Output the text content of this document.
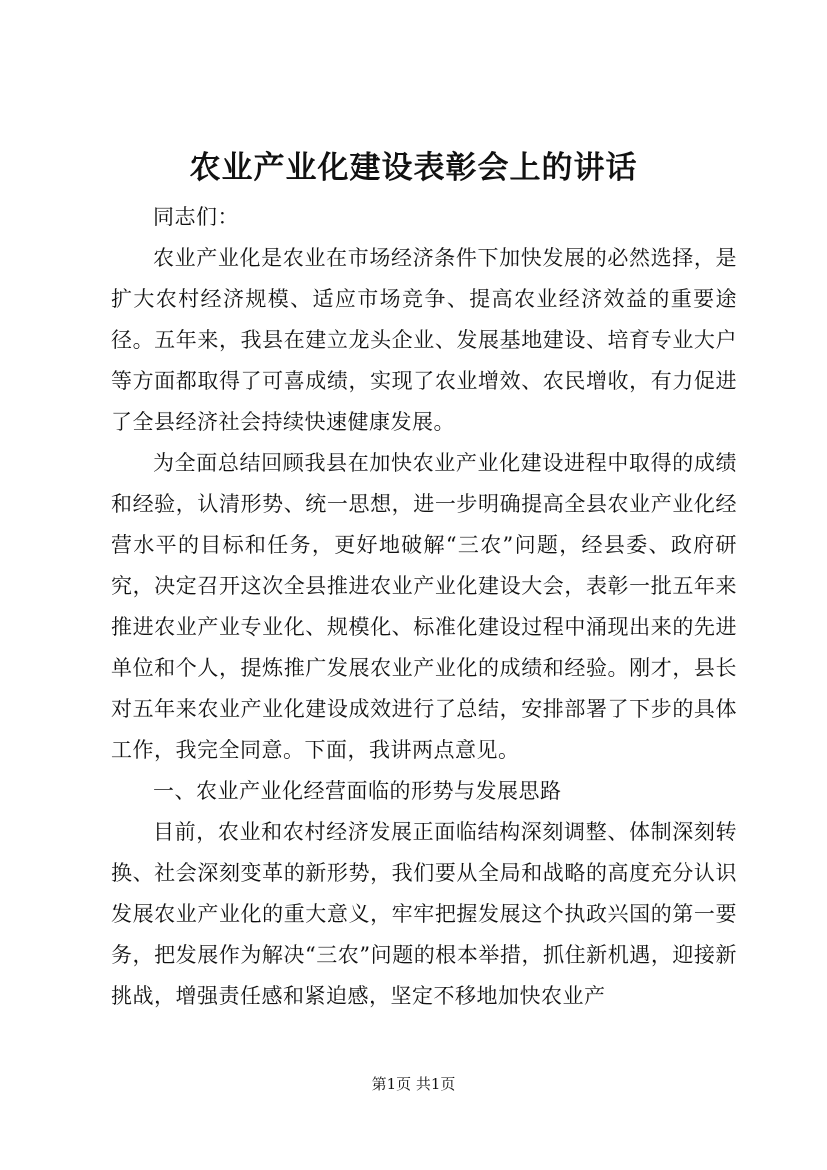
农业产业化建设表彰会上的讲话

同志们：

农业产业化是农业在市场经济条件下加快发展的必然选择，是扩大农村经济规模、适应市场竞争、提高农业经济效益的重要途径。五年来，我县在建立龙头企业、发展基地建设、培育专业大户等方面都取得了可喜成绩，实现了农业增效、农民增收，有力促进了全县经济社会持续快速健康发展。

为全面总结回顾我县在加快农业产业化建设进程中取得的成绩和经验，认清形势、统一思想，进一步明确提高全县农业产业化经营水平的目标和任务，更好地破解“三农”问题，经县委、政府研究，决定召开这次全县推进农业产业化建设大会，表彰一批五年来推进农业产业专业化、规模化、标准化建设过程中涌现出来的先进单位和个人，提炼推广发展农业产业化的成绩和经验。刚才，县长对五年来农业产业化建设成效进行了总结，安排部署了下步的具体工作，我完全同意。下面，我讲两点意见。

一、农业产业化经营面临的形势与发展思路

目前，农业和农村经济发展正面临结构深刻调整、体制深刻转换、社会深刻变革的新形势，我们要从全局和战略的高度充分认识发展农业产业化的重大意义，牢牢把握发展这个执政兴国的第一要务，把发展作为解决“三农”问题的根本举措，抓住新机遇，迎接新挑战，增强责任感和紧迫感，坚定不移地加快农业产

第1页 共1页
